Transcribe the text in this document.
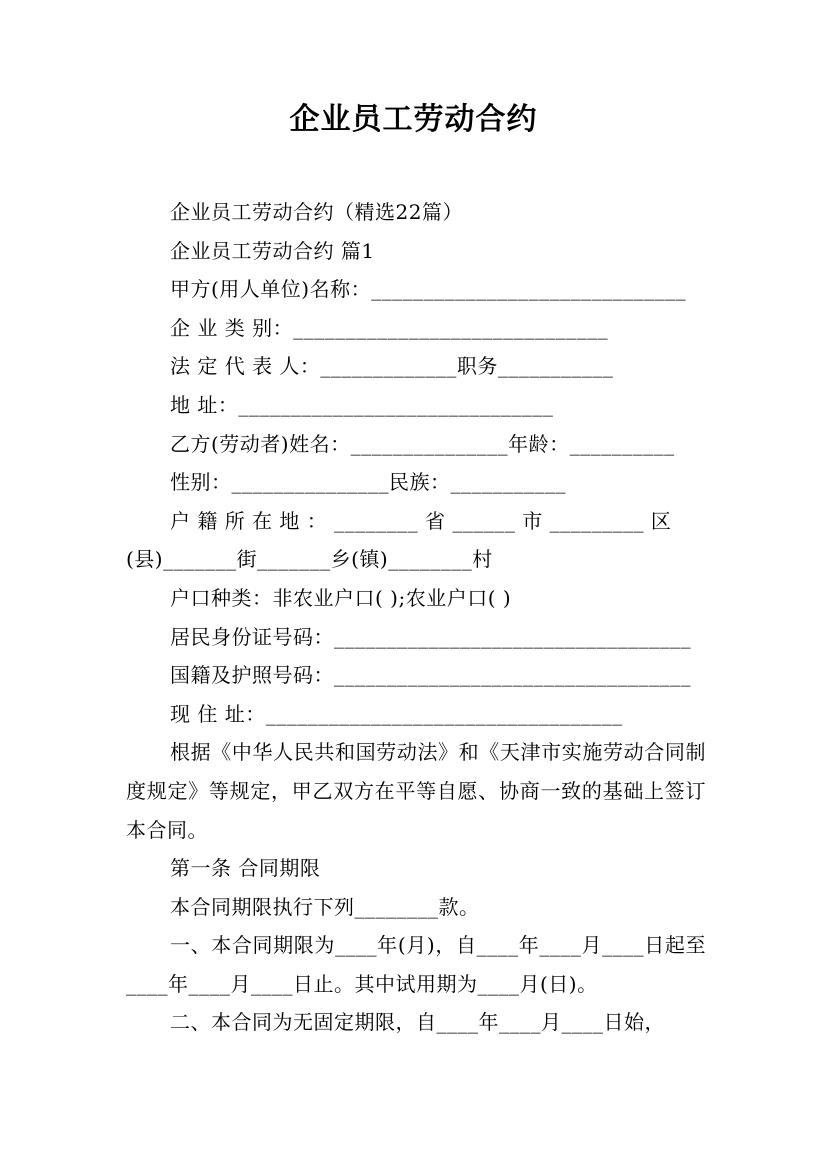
企业员工劳动合约
企业员工劳动合约（精选22篇）
企业员工劳动合约 篇1
甲方(用人单位)名称：______________________________
企 业 类 别：______________________________
法 定 代 表 人：_____________职务___________
地 址：______________________________
乙方(劳动者)姓名：_______________年龄：__________
性别：_______________民族：___________
户 籍 所 在 地 ： ________ 省 ______ 市 _________ 区
(县)_______街_______乡(镇)________村
户口种类：非农业户口( );农业户口( )
居民身份证号码：__________________________________
国籍及护照号码：__________________________________
现 住 址：__________________________________
根据《中华人民共和国劳动法》和《天津市实施劳动合同制度规定》等规定，甲乙双方在平等自愿、协商一致的基础上签订本合同。
第一条 合同期限
本合同期限执行下列________款。
一、本合同期限为____年(月)，自____年____月____日起至____年____月____日止。其中试用期为____月(日)。
二、本合同为无固定期限，自____年____月____日始，
